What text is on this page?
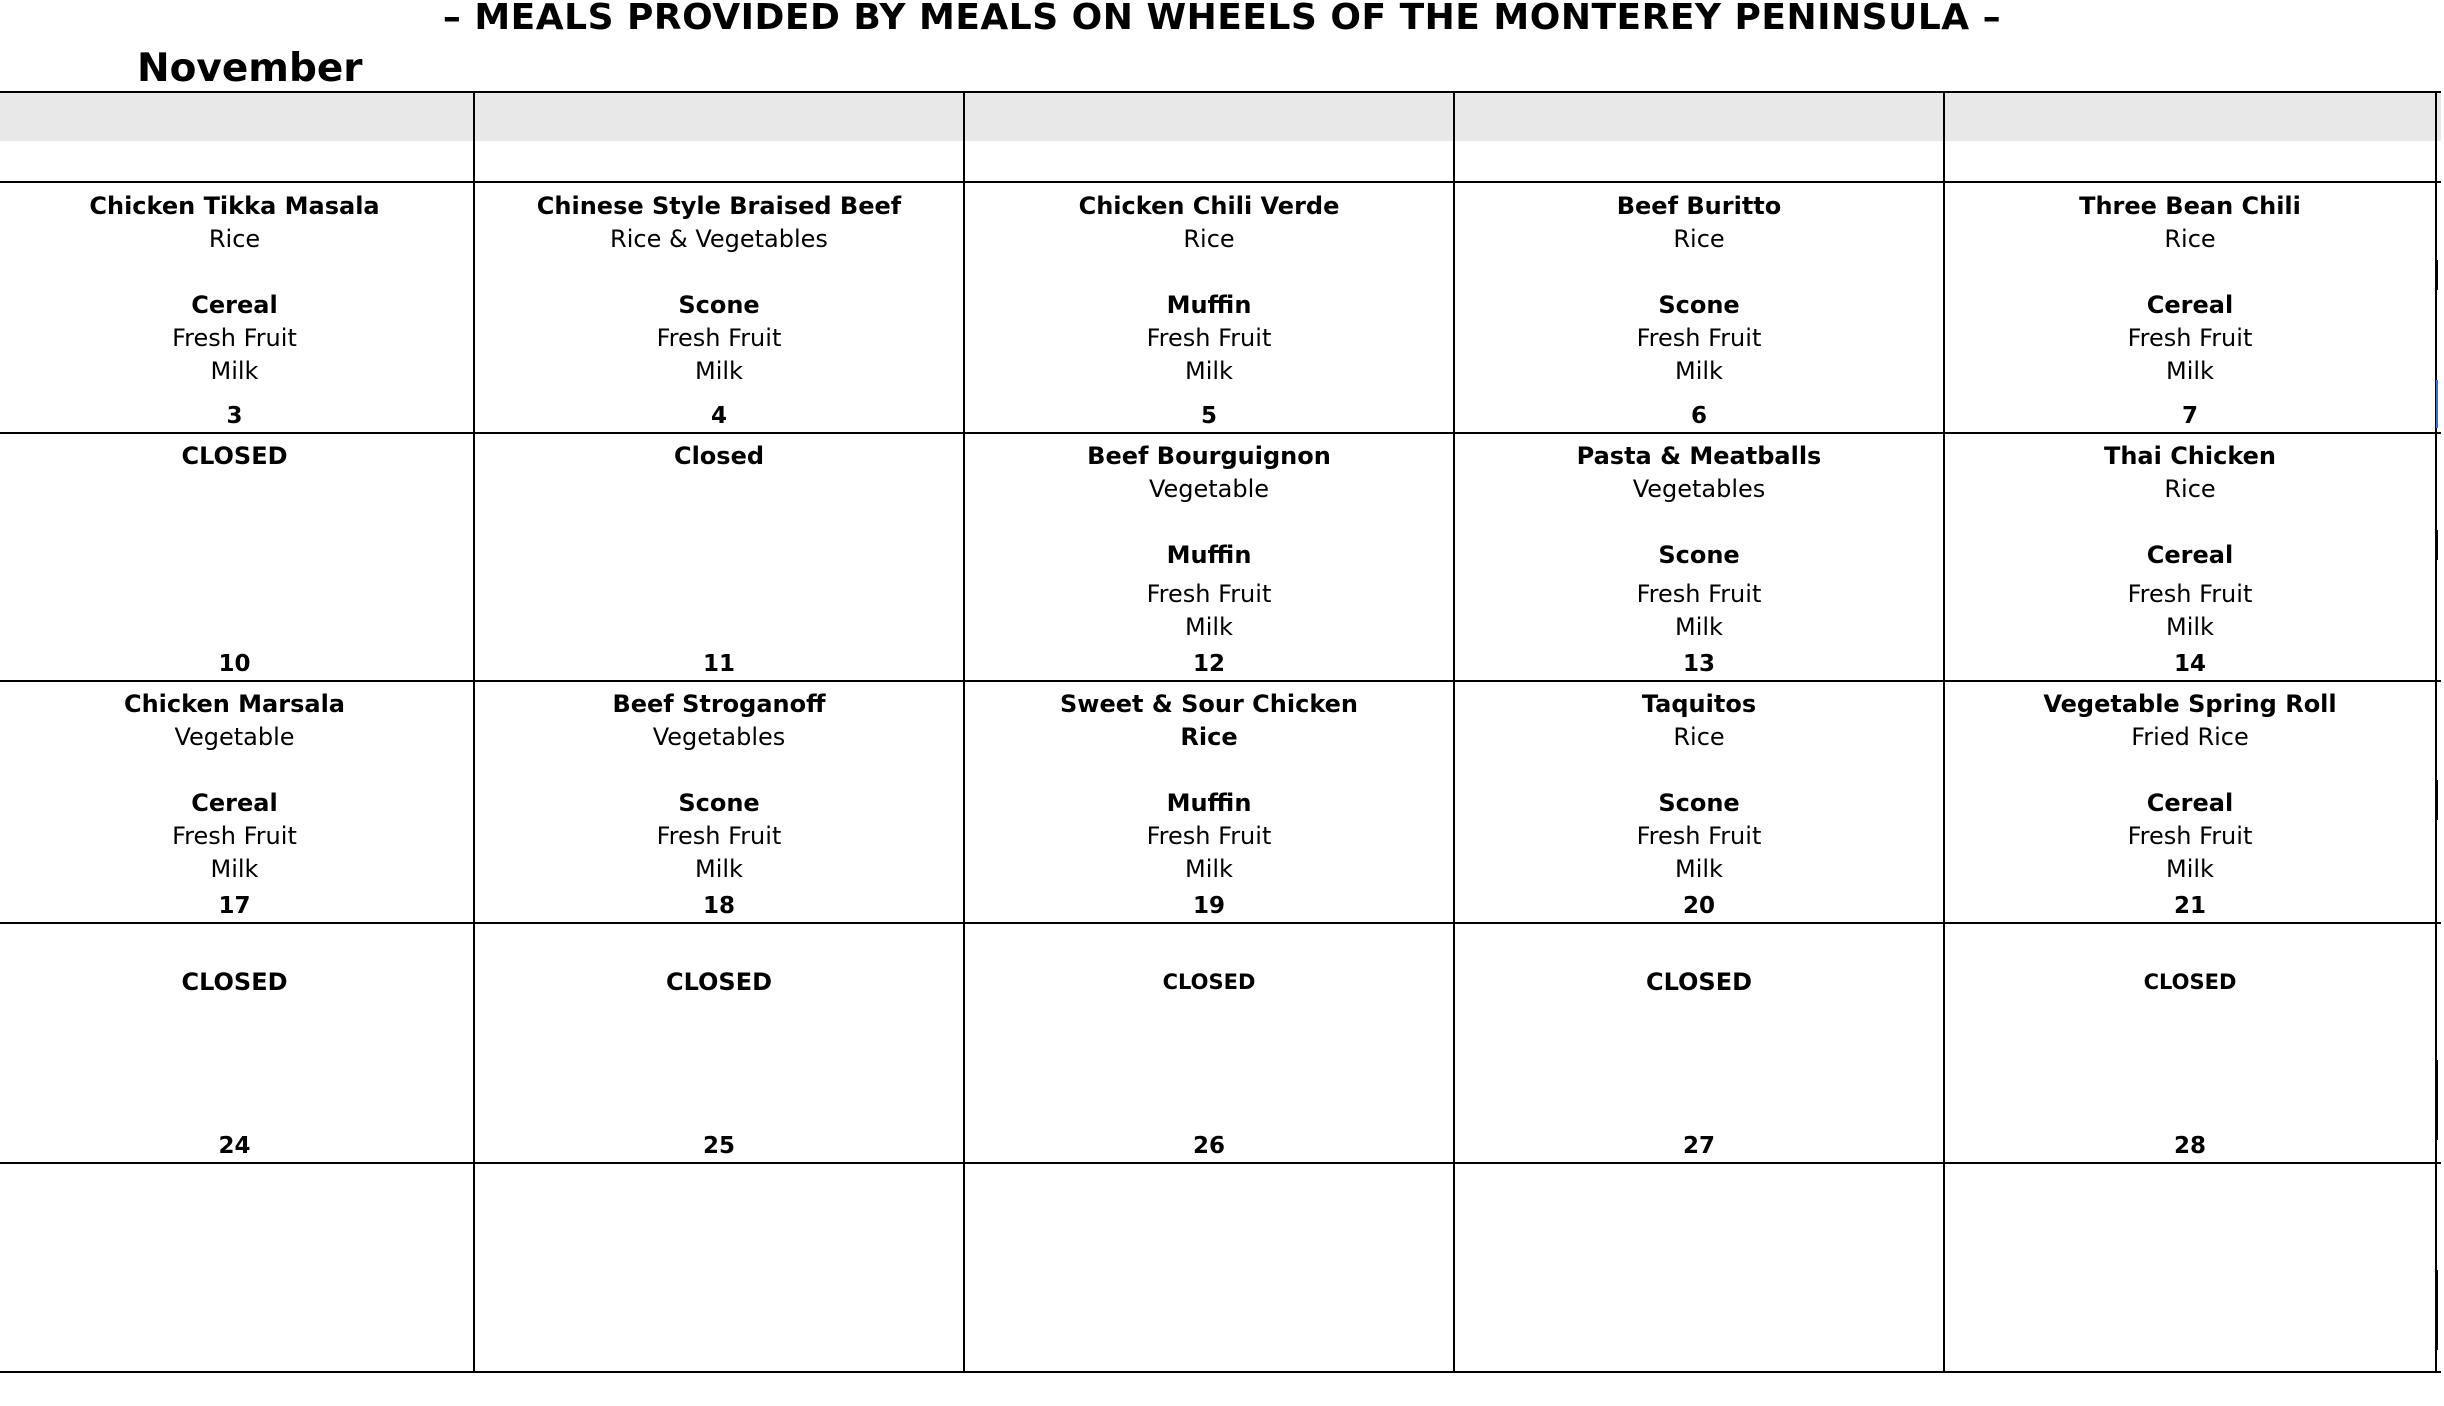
– MEALS PROVIDED BY MEALS ON WHEELS OF THE MONTEREY PENINSULA –
November
Chicken Tikka Masala
Rice
Cereal
Fresh Fruit
Milk
3
Chinese Style Braised Beef
Rice & Vegetables
Scone
Fresh Fruit
Milk
4
Chicken Chili Verde
Rice
Muffin
Fresh Fruit
Milk
5
Beef Buritto
Rice
Scone
Fresh Fruit
Milk
6
Three Bean Chili
Rice
Cereal
Fresh Fruit
Milk
7
CLOSED
10
Closed
11
Beef Bourguignon
Vegetable
Muffin
Fresh Fruit
Milk
12
Pasta & Meatballs
Vegetables
Scone
Fresh Fruit
Milk
13
Thai Chicken
Rice
Cereal
Fresh Fruit
Milk
14
Chicken Marsala
Vegetable
Cereal
Fresh Fruit
Milk
17
Beef Stroganoff
Vegetables
Scone
Fresh Fruit
Milk
18
Sweet & Sour Chicken
Rice
Muffin
Fresh Fruit
Milk
19
Taquitos
Rice
Scone
Fresh Fruit
Milk
20
Vegetable Spring Roll
Fried Rice
Cereal
Fresh Fruit
Milk
21
CLOSED
24
CLOSED
25
CLOSED
26
CLOSED
27
CLOSED
28
